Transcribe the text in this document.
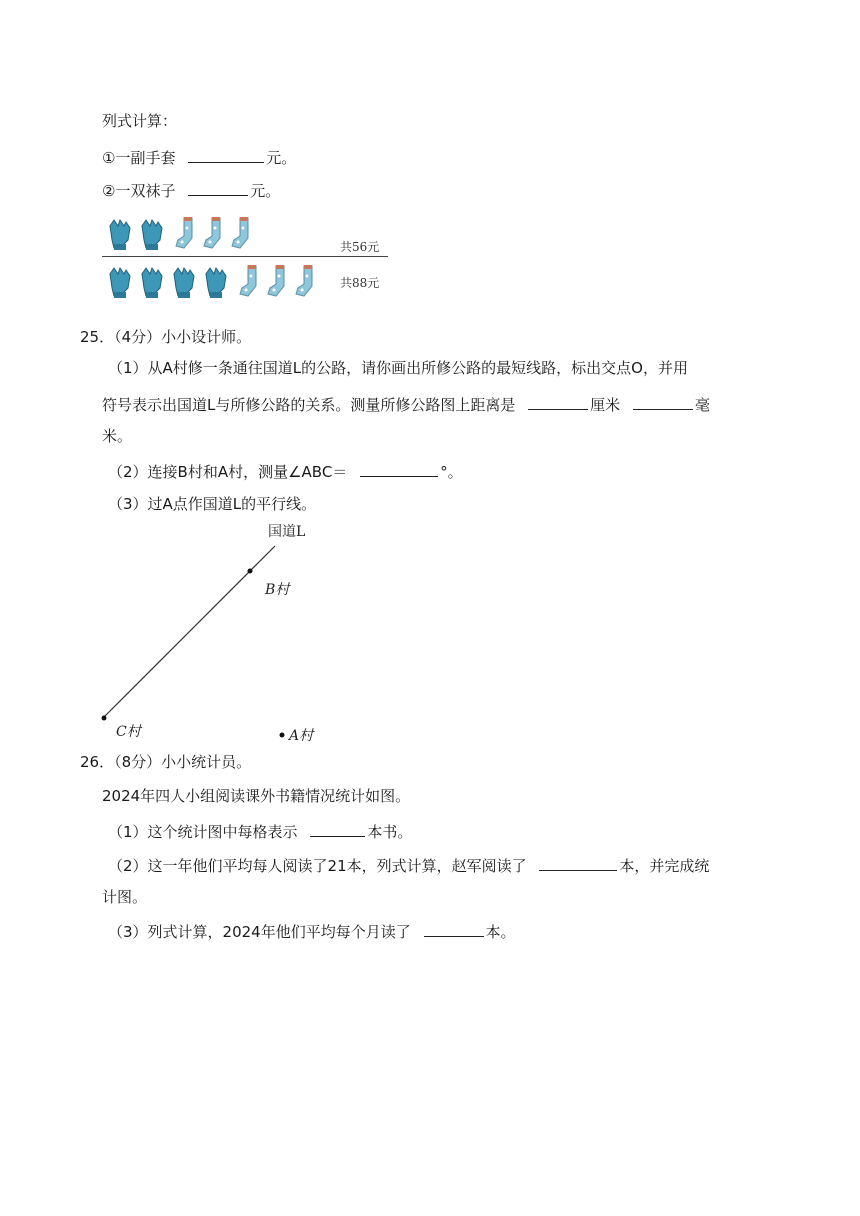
列式计算：
①一副手套	元。
②一双袜子	元。
共56元
共88元
25．（4分）小小设计师。
（1）从A村修一条通往国道L的公路，请你画出所修公路的最短线路，标出交点O，并用
符号表示出国道L与所修公路的关系。测量所修公路图上距离是	厘米	毫
米。
（2）连接B村和A村，测量∠ABC＝	°。
（3）过A点作国道L的平行线。
国道L
B村
C村	A村
26．（8分）小小统计员。
2024年四人小组阅读课外书籍情况统计如图。
（1）这个统计图中每格表示	本书。
（2）这一年他们平均每人阅读了21本，列式计算，赵军阅读了	本，并完成统
计图。
（3）列式计算，2024年他们平均每个月读了	本。
